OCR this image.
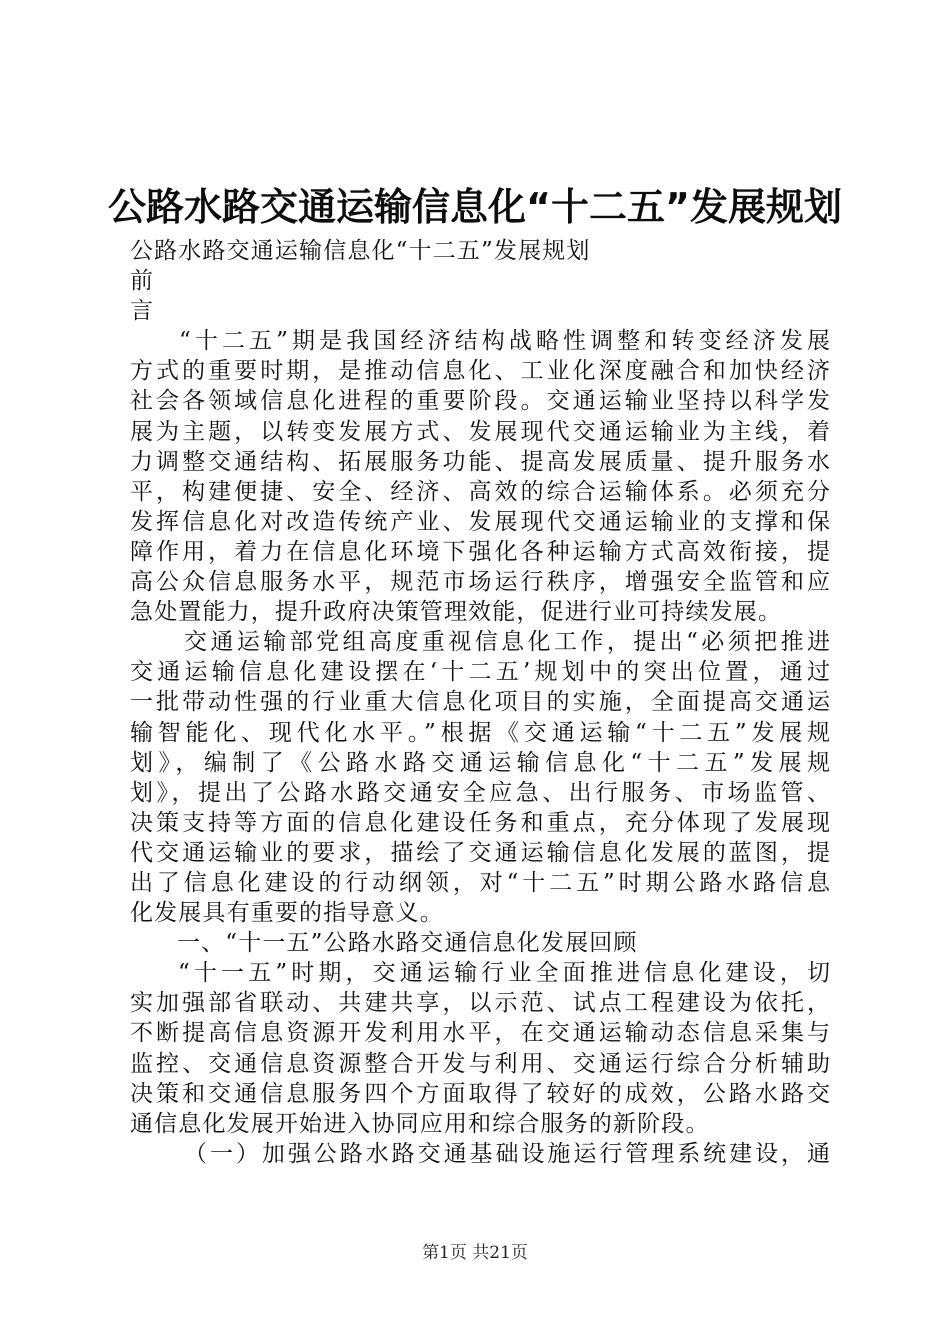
公路水路交通运输信息化“十二五”发展规划
公路水路交通运输信息化“十二五”发展规划
前
言
“十二五”期是我国经济结构战略性调整和转变经济发展
方式的重要时期，是推动信息化、工业化深度融合和加快经济
社会各领域信息化进程的重要阶段。交通运输业坚持以科学发
展为主题，以转变发展方式、发展现代交通运输业为主线，着
力调整交通结构、拓展服务功能、提高发展质量、提升服务水
平，构建便捷、安全、经济、高效的综合运输体系。必须充分
发挥信息化对改造传统产业、发展现代交通运输业的支撑和保
障作用，着力在信息化环境下强化各种运输方式高效衔接，提
高公众信息服务水平，规范市场运行秩序，增强安全监管和应
急处置能力，提升政府决策管理效能，促进行业可持续发展。
交通运输部党组高度重视信息化工作，提出“必须把推进
交通运输信息化建设摆在‘十二五’规划中的突出位置，通过
一批带动性强的行业重大信息化项目的实施，全面提高交通运
输智能化、现代化水平。”根据《交通运输“十二五”发展规
划》，编制了《公路水路交通运输信息化“十二五”发展规
划》，提出了公路水路交通安全应急、出行服务、市场监管、
决策支持等方面的信息化建设任务和重点，充分体现了发展现
代交通运输业的要求，描绘了交通运输信息化发展的蓝图，提
出了信息化建设的行动纲领，对“十二五”时期公路水路信息
化发展具有重要的指导意义。
一、“十一五”公路水路交通信息化发展回顾
“十一五”时期，交通运输行业全面推进信息化建设，切
实加强部省联动、共建共享，以示范、试点工程建设为依托，
不断提高信息资源开发利用水平，在交通运输动态信息采集与
监控、交通信息资源整合开发与利用、交通运行综合分析辅助
决策和交通信息服务四个方面取得了较好的成效，公路水路交
通信息化发展开始进入协同应用和综合服务的新阶段。
（一）加强公路水路交通基础设施运行管理系统建设，通
第1页 共21页
